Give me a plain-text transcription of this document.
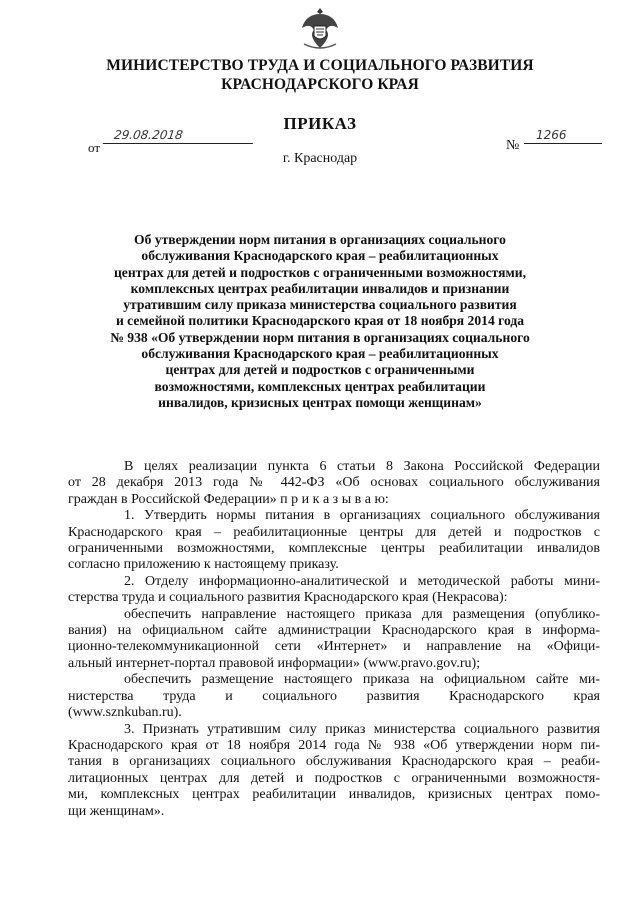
МИНИСТЕРСТВО ТРУДА И СОЦИАЛЬНОГО РАЗВИТИЯ
КРАСНОДАРСКОГО КРАЯ
ПРИКАЗ
от
29.08.2018
№
1266
г. Краснодар
Об утверждении норм питания в организациях социального
обслуживания Краснодарского края – реабилитационных
центрах для детей и подростков с ограниченными возможностями,
комплексных центрах реабилитации инвалидов и признании
утратившим силу приказа министерства социального развития
и семейной политики Краснодарского края от 18 ноября 2014 года
№ 938 «Об утверждении норм питания в организациях социального
обслуживания Краснодарского края – реабилитационных
центрах для детей и подростков с ограниченными
возможностями, комплексных центрах реабилитации
инвалидов, кризисных центрах помощи женщинам»
В целях реализации пункта 6 статьи 8 Закона Российской Федерации
от 28 декабря 2013 года № 442-ФЗ «Об основах социального обслуживания
граждан в Российской Федерации» п р и к а з ы в а ю:
1. Утвердить нормы питания в организациях социального обслуживания
Краснодарского края – реабилитационные центры для детей и подростков с
ограниченными возможностями, комплексные центры реабилитации инвалидов
согласно приложению к настоящему приказу.
2. Отделу информационно-аналитической и методической работы мини-
стерства труда и социального развития Краснодарского края (Некрасова):
обеспечить направление настоящего приказа для размещения (опублико-
вания) на официальном сайте администрации Краснодарского края в информа-
ционно-телекоммуникационной сети «Интернет» и направление на «Офици-
альный интернет-портал правовой информации» (www.pravo.gov.ru);
обеспечить размещение настоящего приказа на официальном сайте ми-
нистерства труда и социального развития Краснодарского края
(www.sznkuban.ru).
3. Признать утратившим силу приказ министерства социального развития
Краснодарского края от 18 ноября 2014 года № 938 «Об утверждении норм пи-
тания в организациях социального обслуживания Краснодарского края – реаби-
литационных центрах для детей и подростков с ограниченными возможностя-
ми, комплексных центрах реабилитации инвалидов, кризисных центрах помо-
щи женщинам».
